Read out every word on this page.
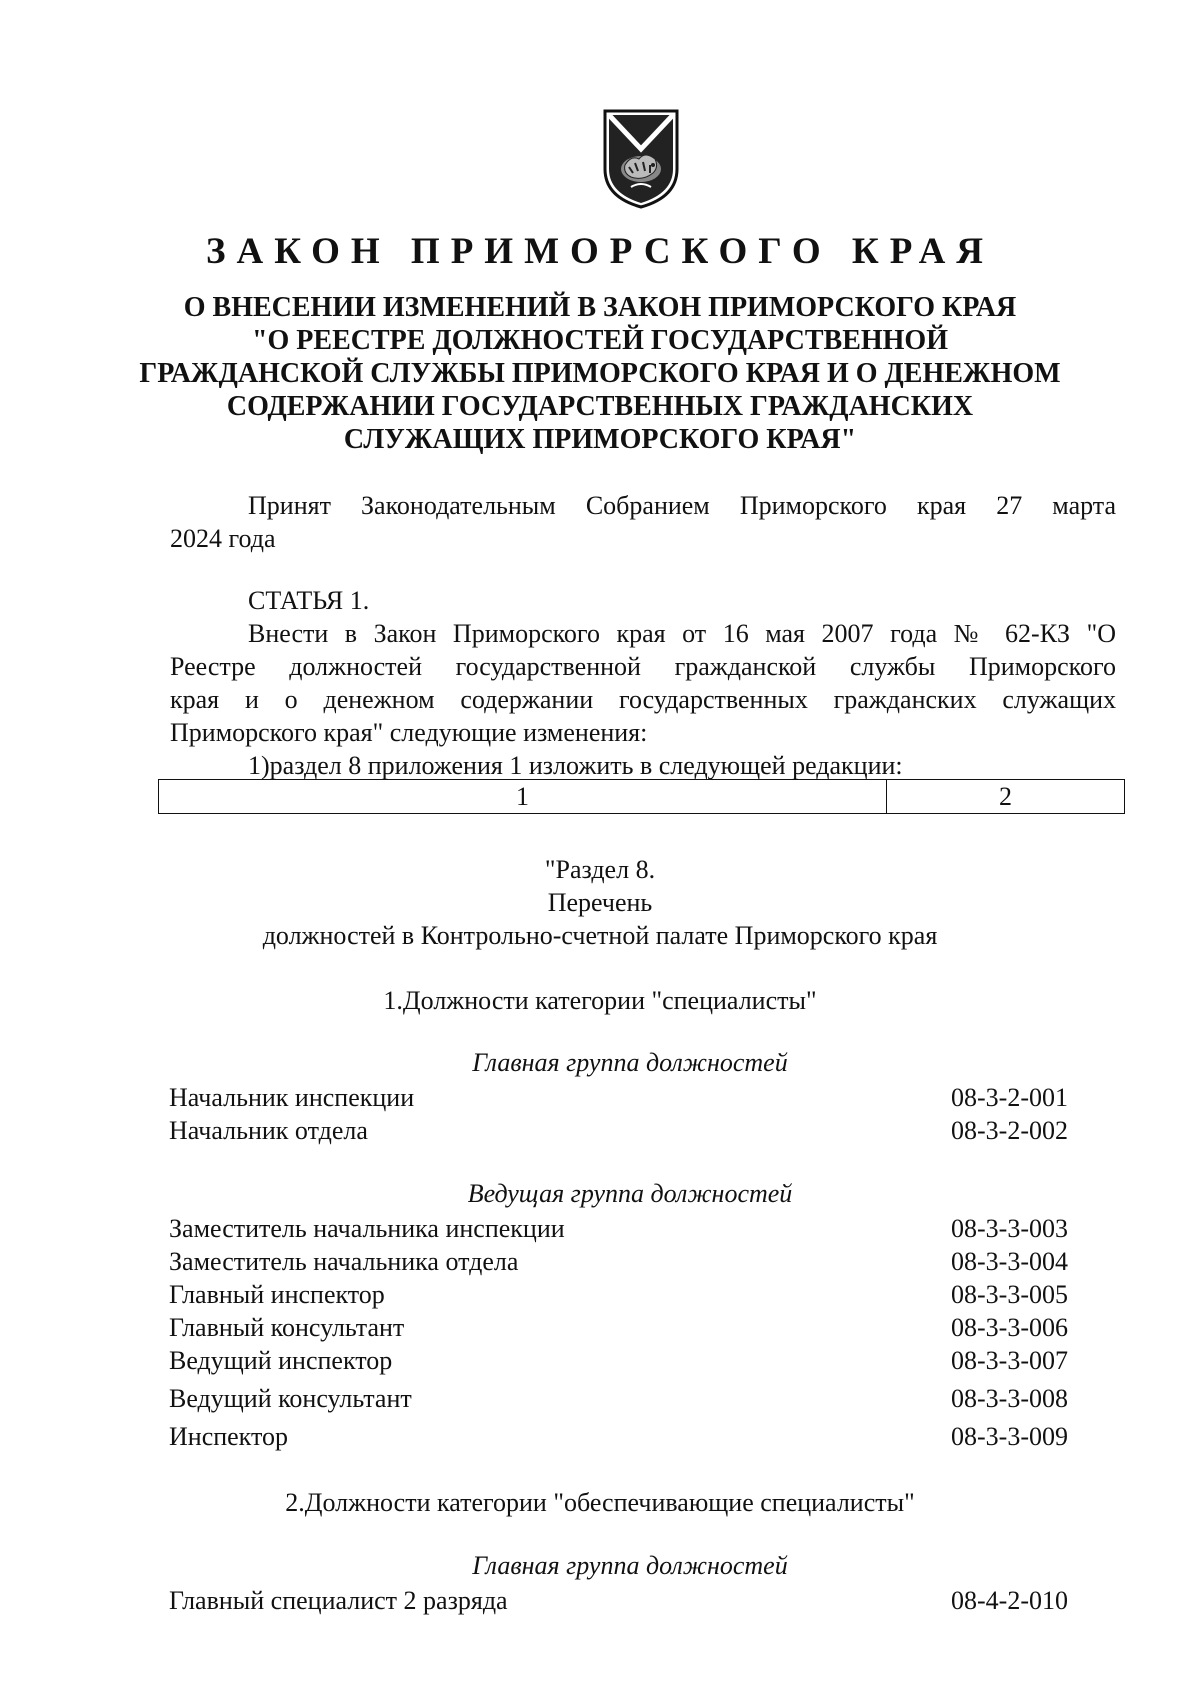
ЗАКОН ПРИМОРСКОГО КРАЯ
О ВНЕСЕНИИ ИЗМЕНЕНИЙ В ЗАКОН ПРИМОРСКОГО КРАЯ
"О РЕЕСТРЕ ДОЛЖНОСТЕЙ ГОСУДАРСТВЕННОЙ
ГРАЖДАНСКОЙ СЛУЖБЫ ПРИМОРСКОГО КРАЯ И О ДЕНЕЖНОМ
СОДЕРЖАНИИ ГОСУДАРСТВЕННЫХ ГРАЖДАНСКИХ
СЛУЖАЩИХ ПРИМОРСКОГО КРАЯ"
Принят Законодательным Собранием Приморского края 27 марта
2024 года
СТАТЬЯ 1.
Внести в Закон Приморского края от 16 мая 2007 года № 62-КЗ "О
Реестре должностей государственной гражданской службы Приморского
края и о денежном содержании государственных гражданских служащих
Приморского края" следующие изменения:
1)раздел 8 приложения 1 изложить в следующей редакции:
1	2
"Раздел 8.
Перечень
должностей в Контрольно-счетной палате Приморского края
1.Должности категории "специалисты"
Главная группа должностей
Начальник инспекции	08-3-2-001
Начальник отдела	08-3-2-002
Ведущая группа должностей
Заместитель начальника инспекции	08-3-3-003
Заместитель начальника отдела	08-3-3-004
Главный инспектор	08-3-3-005
Главный консультант	08-3-3-006
Ведущий инспектор	08-3-3-007
Ведущий консультант	08-3-3-008
Инспектор	08-3-3-009
2.Должности категории "обеспечивающие специалисты"
Главная группа должностей
Главный специалист 2 разряда	08-4-2-010
